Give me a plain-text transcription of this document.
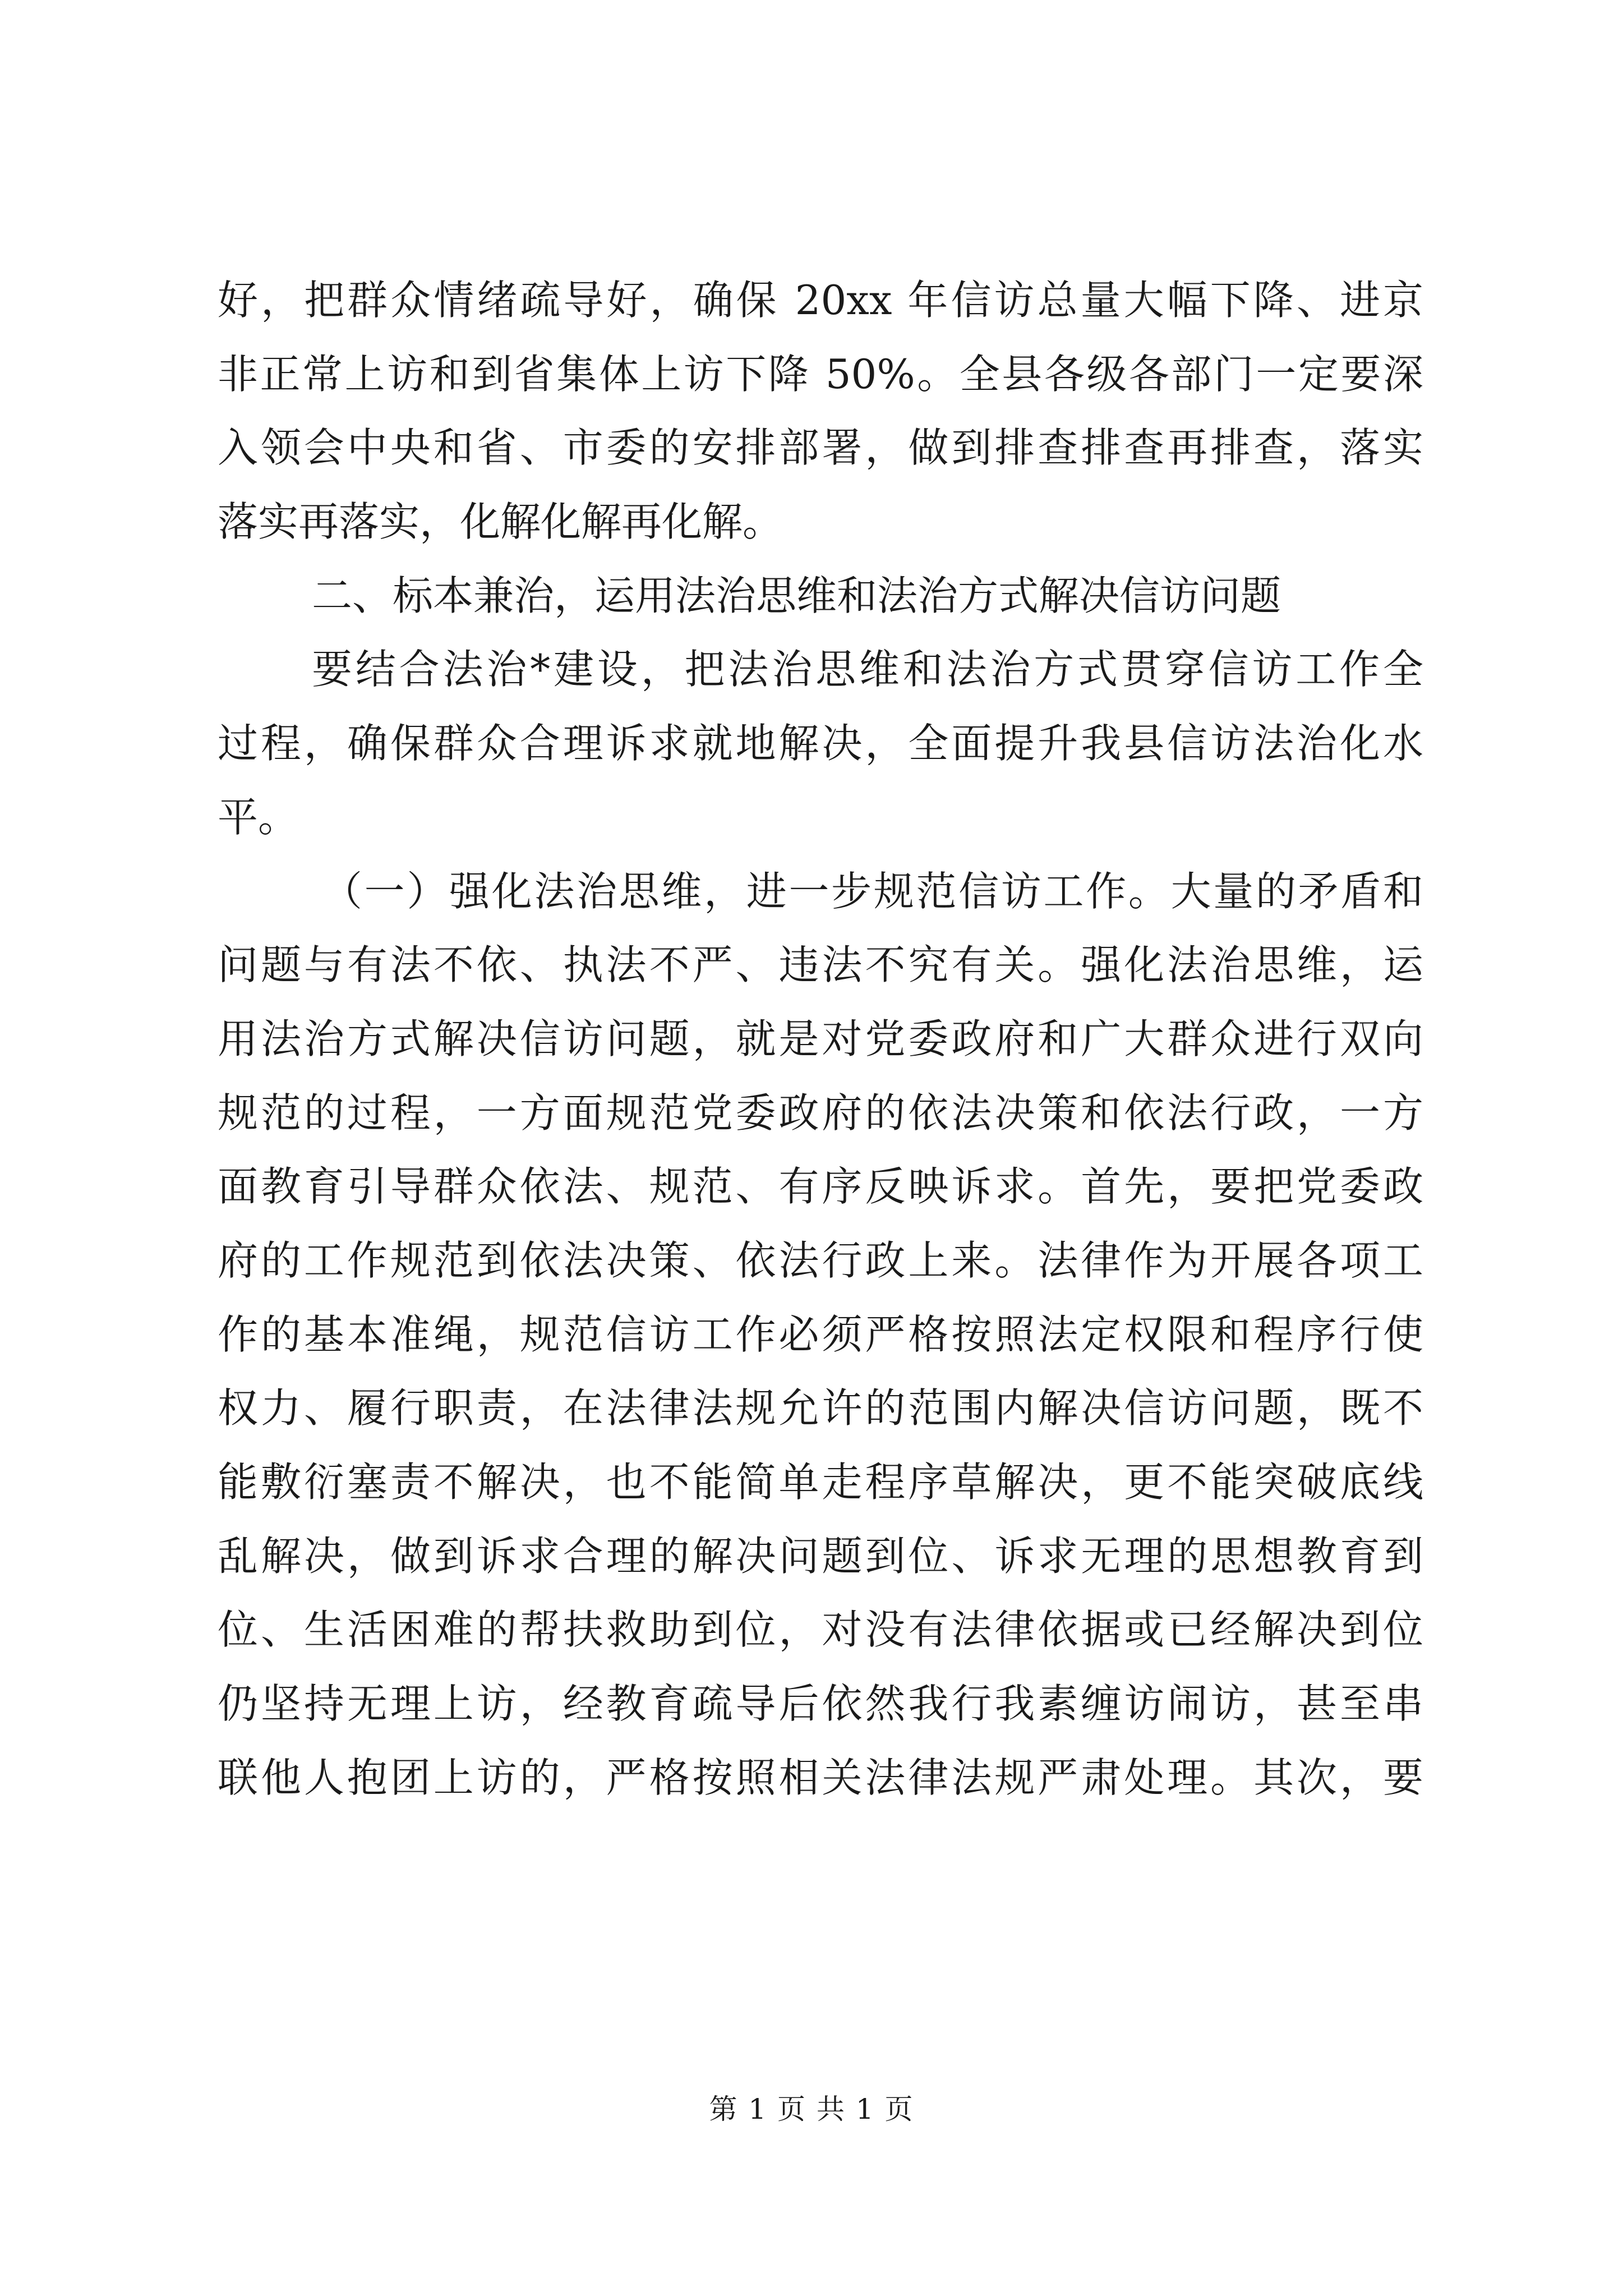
好，把群众情绪疏导好，确保 20xx 年信访总量大幅下降、进京
非正常上访和到省集体上访下降 50%。全县各级各部门一定要深
入领会中央和省、市委的安排部署，做到排查排查再排查，落实
落实再落实，化解化解再化解。
二、标本兼治，运用法治思维和法治方式解决信访问题
要结合法治*建设，把法治思维和法治方式贯穿信访工作全
过程，确保群众合理诉求就地解决，全面提升我县信访法治化水
平。
（一）强化法治思维，进一步规范信访工作。大量的矛盾和
问题与有法不依、执法不严、违法不究有关。强化法治思维，运
用法治方式解决信访问题，就是对党委政府和广大群众进行双向
规范的过程，一方面规范党委政府的依法决策和依法行政，一方
面教育引导群众依法、规范、有序反映诉求。首先，要把党委政
府的工作规范到依法决策、依法行政上来。法律作为开展各项工
作的基本准绳，规范信访工作必须严格按照法定权限和程序行使
权力、履行职责，在法律法规允许的范围内解决信访问题，既不
能敷衍塞责不解决，也不能简单走程序草解决，更不能突破底线
乱解决，做到诉求合理的解决问题到位、诉求无理的思想教育到
位、生活困难的帮扶救助到位，对没有法律依据或已经解决到位
仍坚持无理上访，经教育疏导后依然我行我素缠访闹访，甚至串
联他人抱团上访的，严格按照相关法律法规严肃处理。其次，要
第 1 页 共 1 页
